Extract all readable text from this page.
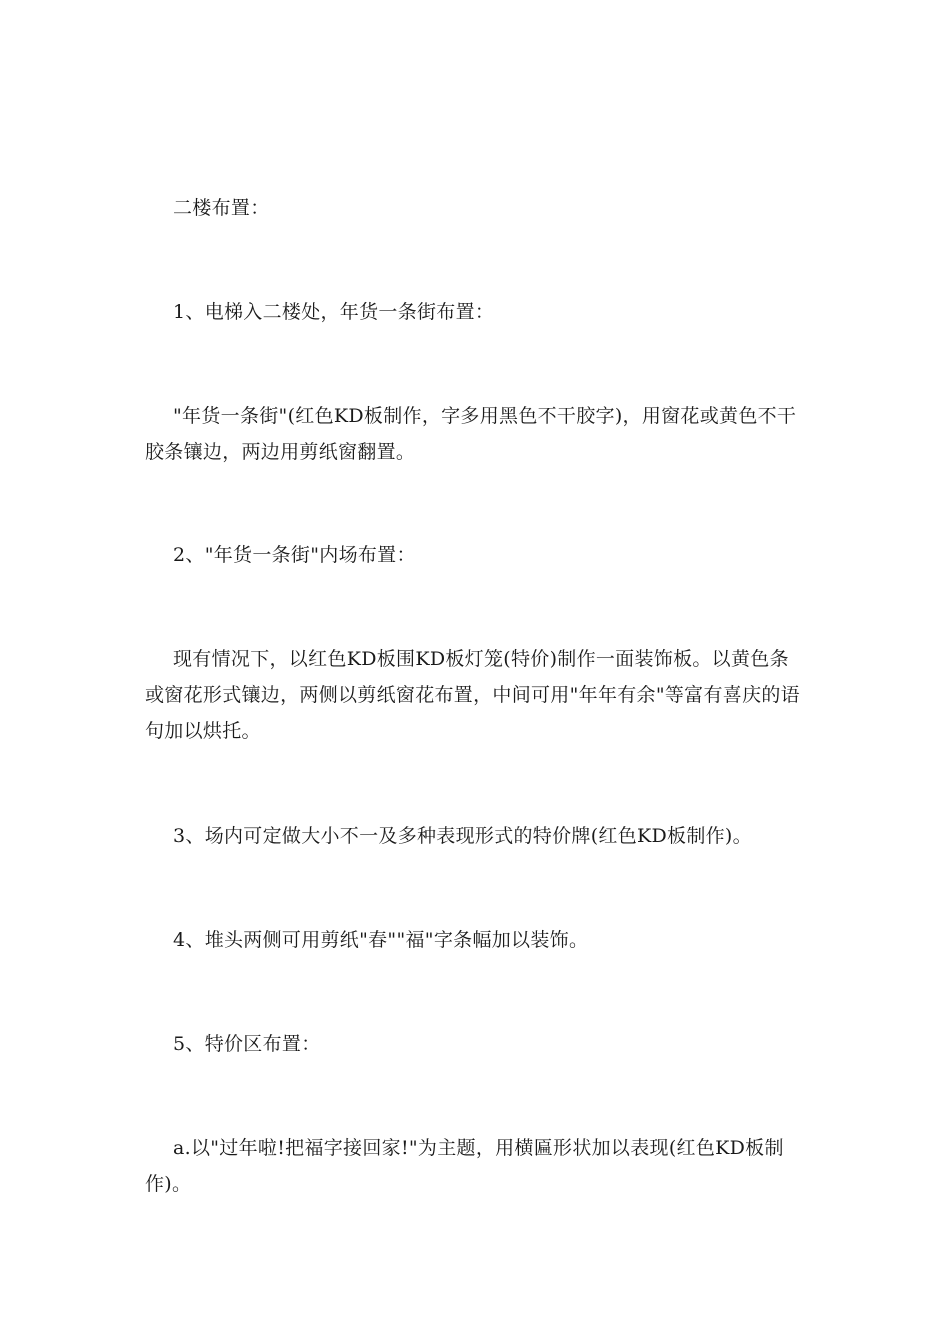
二楼布置：

1、电梯入二楼处，年货一条街布置：

"年货一条街"(红色KD板制作，字多用黑色不干胶字)，用窗花或黄色不干胶条镶边，两边用剪纸窗翻置。

2、"年货一条街"内场布置：

现有情况下，以红色KD板围KD板灯笼(特价)制作一面装饰板。以黄色条或窗花形式镶边，两侧以剪纸窗花布置，中间可用"年年有余"等富有喜庆的语句加以烘托。

3、场内可定做大小不一及多种表现形式的特价牌(红色KD板制作)。

4、堆头两侧可用剪纸"春""福"字条幅加以装饰。

5、特价区布置：

a.以"过年啦!把福字接回家!"为主题，用横匾形状加以表现(红色KD板制作)。
